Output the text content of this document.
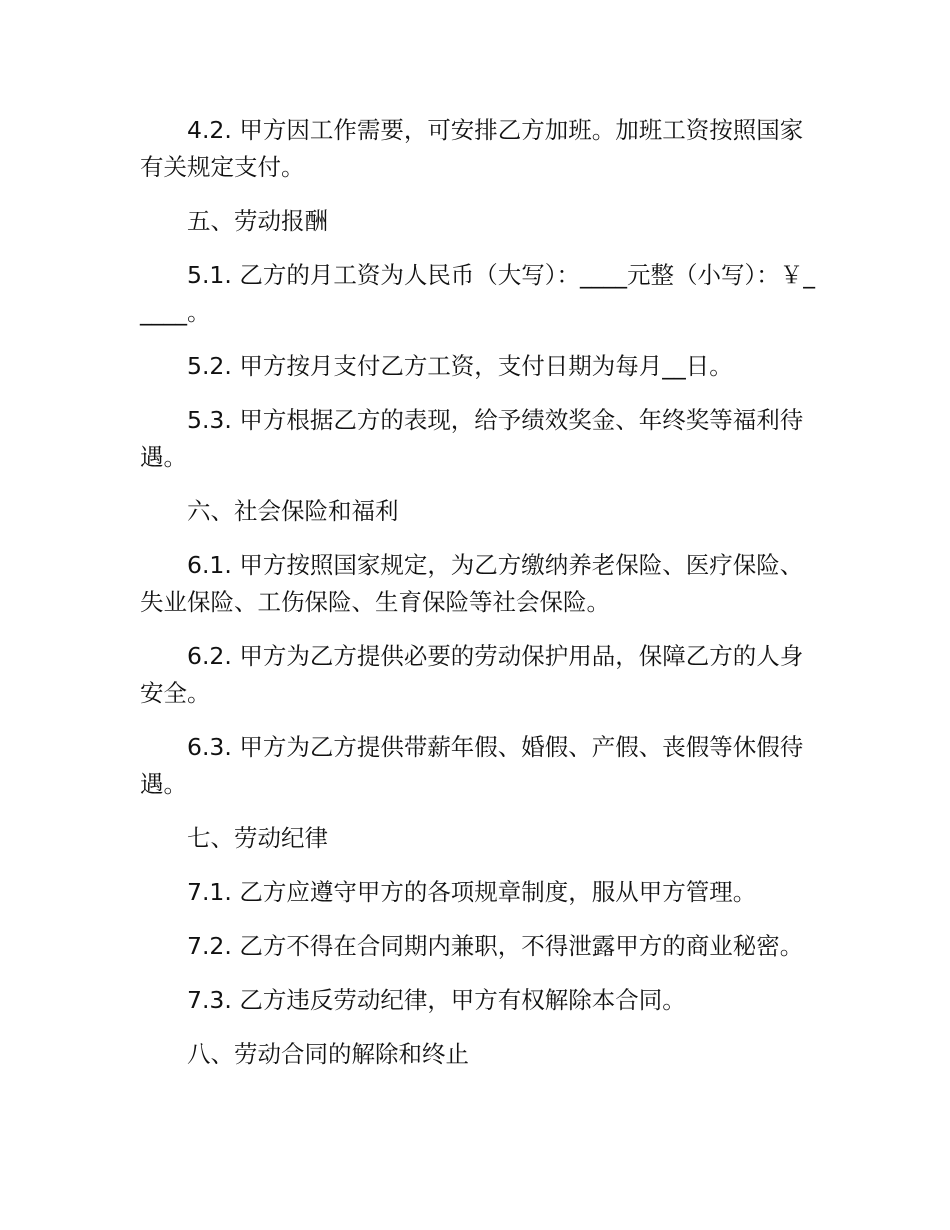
4.2. 甲方因工作需要，可安排乙方加班。加班工资按照国家有关规定支付。

五、劳动报酬

5.1. 乙方的月工资为人民币（大写）：____元整（小写）：￥_____。

5.2. 甲方按月支付乙方工资，支付日期为每月__日。

5.3. 甲方根据乙方的表现，给予绩效奖金、年终奖等福利待遇。

六、社会保险和福利

6.1. 甲方按照国家规定，为乙方缴纳养老保险、医疗保险、失业保险、工伤保险、生育保险等社会保险。

6.2. 甲方为乙方提供必要的劳动保护用品，保障乙方的人身安全。

6.3. 甲方为乙方提供带薪年假、婚假、产假、丧假等休假待遇。

七、劳动纪律

7.1. 乙方应遵守甲方的各项规章制度，服从甲方管理。

7.2. 乙方不得在合同期内兼职，不得泄露甲方的商业秘密。

7.3. 乙方违反劳动纪律，甲方有权解除本合同。

八、劳动合同的解除和终止
